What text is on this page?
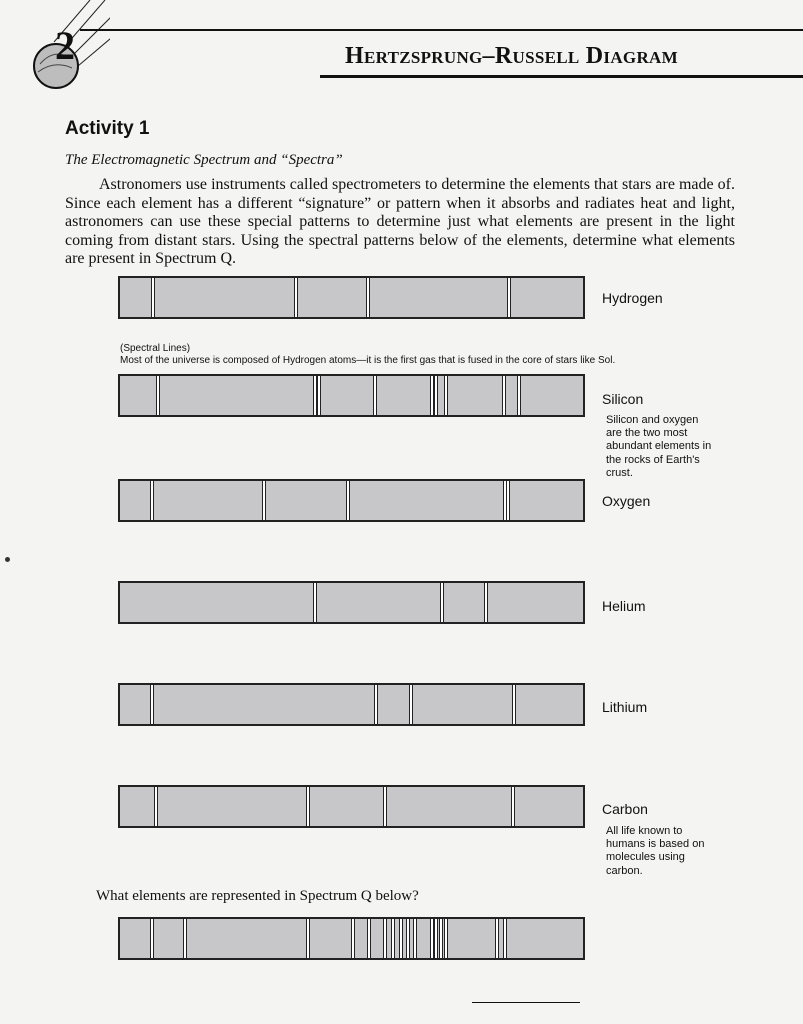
2	Hertzsprung–Russell Diagram
Activity 1
The Electromagnetic Spectrum and “Spectra”

Astronomers use instruments called spectrometers to determine the elements that stars are made of. Since each element has a different “signature” or pattern when it absorbs and radiates heat and light, astronomers can use these special patterns to determine just what elements are present in the light coming from distant stars. Using the spectral patterns below of the elements, determine what elements are present in Spectrum Q.

Hydrogen
(Spectral Lines)
Most of the universe is composed of Hydrogen atoms—it is the first gas that is fused in the core of stars like Sol.
Silicon
Silicon and oxygen are the two most abundant elements in the rocks of Earth's crust.
Oxygen
Helium
Lithium
Carbon
All life known to humans is based on molecules using carbon.
What elements are represented in Spectrum Q below?
